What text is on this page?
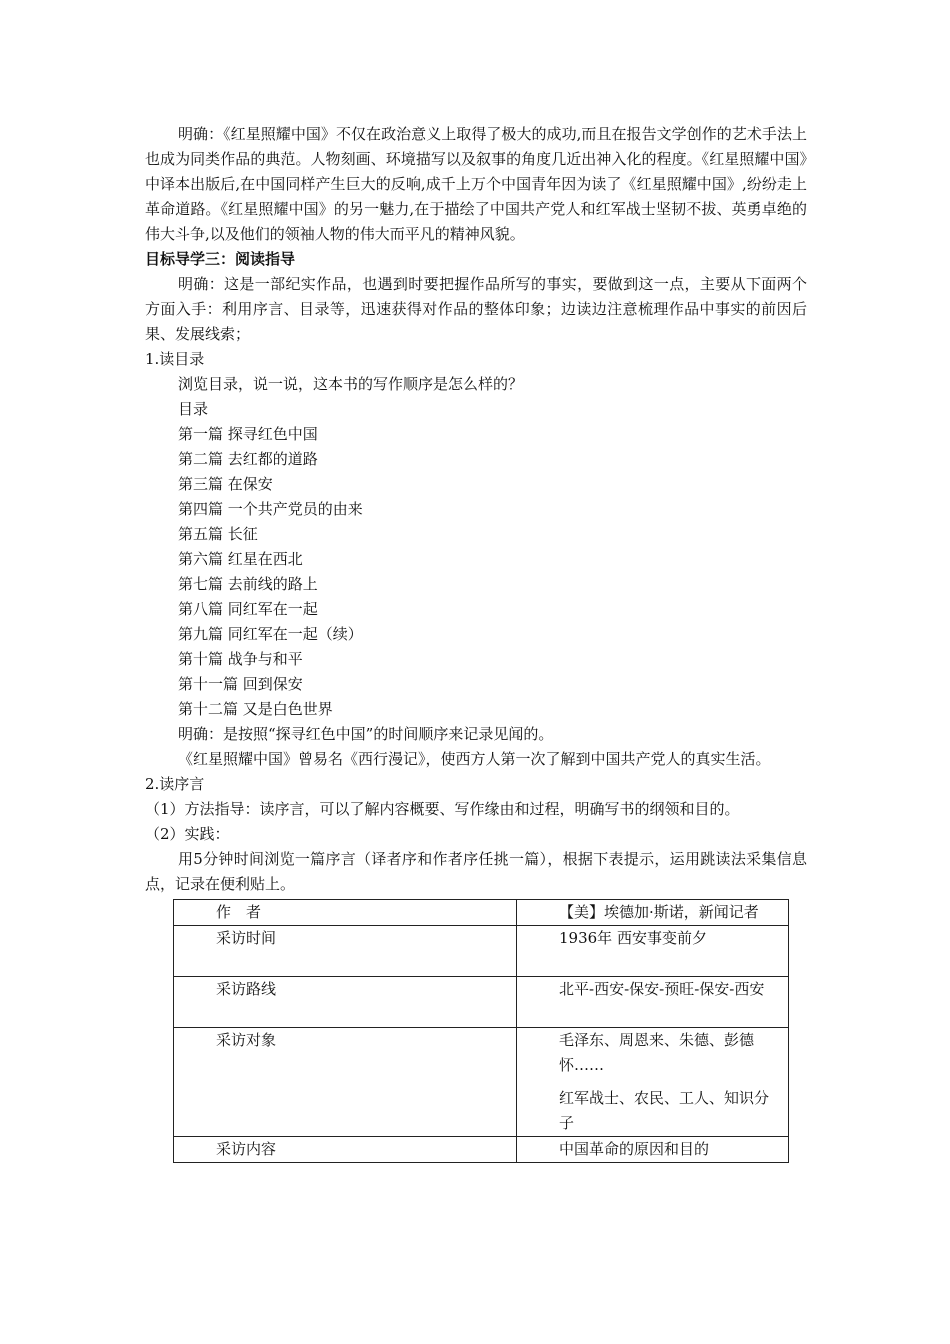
明确：《红星照耀中国》不仅在政治意义上取得了极大的成功,而且在报告文学创作的艺术手法上也成为同类作品的典范。人物刻画、环境描写以及叙事的角度几近出神入化的程度。《红星照耀中国》中译本出版后,在中国同样产生巨大的反响,成千上万个中国青年因为读了《红星照耀中国》,纷纷走上革命道路。《红星照耀中国》的另一魅力,在于描绘了中国共产党人和红军战士坚韧不拔、英勇卓绝的伟大斗争,以及他们的领袖人物的伟大而平凡的精神风貌。

目标导学三：阅读指导

明确：这是一部纪实作品，也遇到时要把握作品所写的事实，要做到这一点，主要从下面两个方面入手：利用序言、目录等，迅速获得对作品的整体印象；边读边注意梳理作品中事实的前因后果、发展线索；

1.读目录

浏览目录，说一说，这本书的写作顺序是怎么样的？

目录

第一篇 探寻红色中国

第二篇 去红都的道路

第三篇 在保安

第四篇 一个共产党员的由来

第五篇 长征

第六篇 红星在西北

第七篇 去前线的路上

第八篇 同红军在一起

第九篇 同红军在一起（续）

第十篇 战争与和平

第十一篇 回到保安

第十二篇 又是白色世界

明确：是按照“探寻红色中国”的时间顺序来记录见闻的。

《红星照耀中国》曾易名《西行漫记》，使西方人第一次了解到中国共产党人的真实生活。

2.读序言

（1）方法指导：读序言，可以了解内容概要、写作缘由和过程，明确写书的纲领和目的。

（2）实践：

用5分钟时间浏览一篇序言（译者序和作者序任挑一篇），根据下表提示，运用跳读法采集信息点，记录在便利贴上。

作　者	【美】埃德加·斯诺，新闻记者
采访时间	1936年 西安事变前夕
采访路线	北平-西安-保安-预旺-保安-西安
采访对象	毛泽东、周恩来、朱德、彭德怀……

红军战士、农民、工人、知识分子

采访内容	中国革命的原因和目的
